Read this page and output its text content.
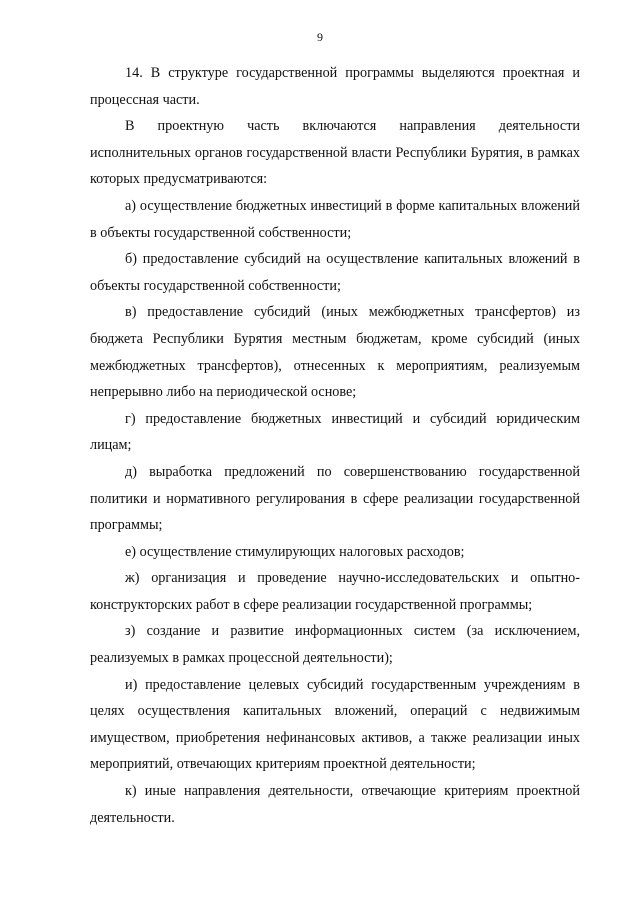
9

14. В структуре государственной программы выделяются проектная и процессная части.

В проектную часть включаются направления деятельности исполнительных органов государственной власти Республики Бурятия, в рамках которых предусматриваются:

а) осуществление бюджетных инвестиций в форме капитальных вложений в объекты государственной собственности;

б) предоставление субсидий на осуществление капитальных вложений в объекты государственной собственности;

в) предоставление субсидий (иных межбюджетных трансфертов) из бюджета Республики Бурятия местным бюджетам, кроме субсидий (иных межбюджетных трансфертов), отнесенных к мероприятиям, реализуемым непрерывно либо на периодической основе;

г) предоставление бюджетных инвестиций и субсидий юридическим лицам;

д) выработка предложений по совершенствованию государственной политики и нормативного регулирования в сфере реализации государственной программы;

е) осуществление стимулирующих налоговых расходов;

ж) организация и проведение научно-исследовательских и опытно-конструкторских работ в сфере реализации государственной программы;

з) создание и развитие информационных систем (за исключением, реализуемых в рамках процессной деятельности);

и) предоставление целевых субсидий государственным учреждениям в целях осуществления капитальных вложений, операций с недвижимым имуществом, приобретения нефинансовых активов, а также реализации иных мероприятий, отвечающих критериям проектной деятельности;

к) иные направления деятельности, отвечающие критериям проектной деятельности.
